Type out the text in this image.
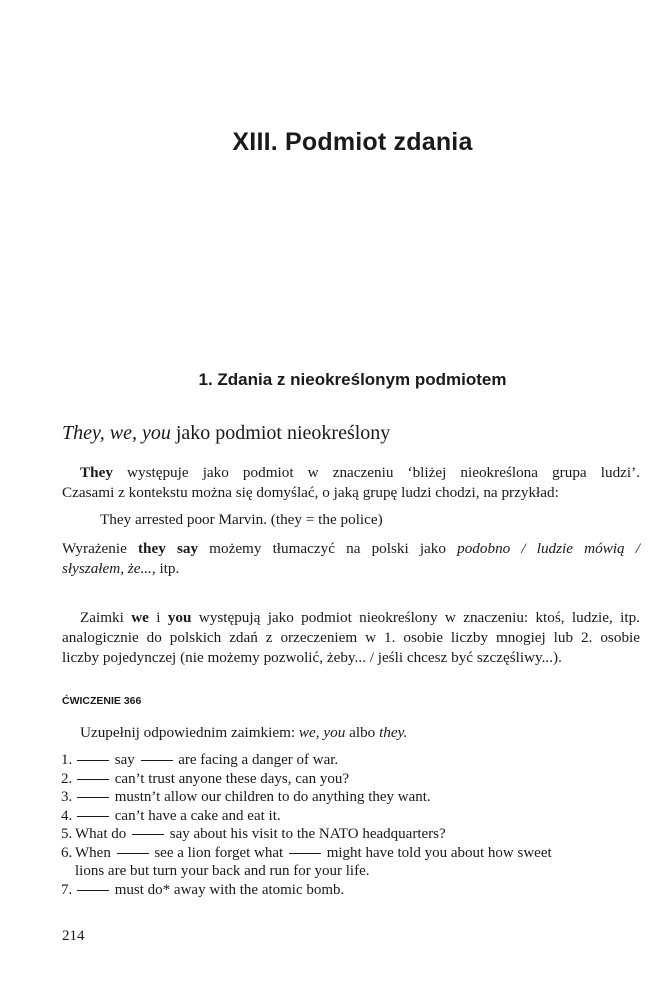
XIII. Podmiot zdania
1. Zdania z nieokreślonym podmiotem
They, we, you jako podmiot nieokreślony
They występuje jako podmiot w znaczeniu ‘bliżej nieokreślona grupa ludzi’.
Czasami z kontekstu można się domyślać, o jaką grupę ludzi chodzi, na przykład:
They arrested poor Marvin. (they = the police)
Wyrażenie they say możemy tłumaczyć na polski jako podobno / ludzie mówią /
słyszałem, że..., itp.
Zaimki we i you występują jako podmiot nieokreślony w znaczeniu: ktoś, ludzie, itp.
analogicznie do polskich zdań z orzeczeniem w 1. osobie liczby mnogiej lub 2. osobie
liczby pojedynczej (nie możemy pozwolić, żeby... / jeśli chcesz być szczęśliwy...).
ĆWICZENIE 366
Uzupełnij odpowiednim zaimkiem: we, you albo they.
1.	say  are facing a danger of war.
2.	can’t trust anyone these days, can you?
3.	mustn’t allow our children to do anything they want.
4.	can’t have a cake and eat it.
5. What do  say about his visit to the NATO headquarters?
6. When  see a lion forget what  might have told you about how sweet
lions are but turn your back and run for your life.
7.	must do* away with the atomic bomb.
214
